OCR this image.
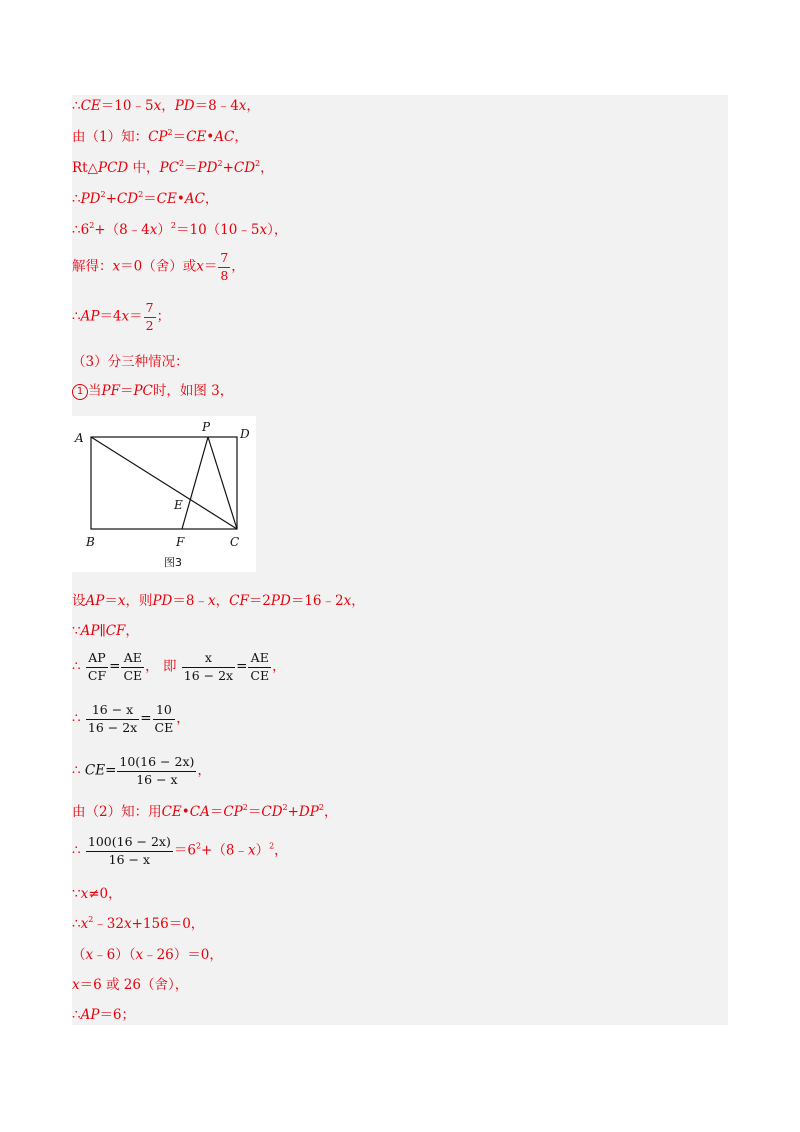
∴CE＝10﹣5x，PD＝8﹣4x，
由（1）知：$CP^2=CE•AC$，
Rt△PCD 中，$PC^2=PD^2+CD^2$，
$\therefore PD^2+CD^2=CE•AC$，
$\therefore 6^2+(8﹣4x)^2=10(10﹣5x)$，
解得：x＝0（舍）或$x= \frac{7}{8}$ ，
∴AP＝4x＝ $\frac{7}{2}$ ；
（3）分三种情况：
1 当PF＝PC时，如图 3，
A
P D
E
B	F	C
图3
设AP＝x，则PD＝8﹣x，CF＝2PD＝16﹣2x，
∵AP∥CF，
∴ $\frac{AP}{CF} = \frac{AE}{CE}$ ， 即 $\frac{x}{16 - 2x} = \frac{AE}{CE}$ ，
∴ $\frac{16 - x}{16 - 2x} = \frac{10}{CE}$ ，
∴ $CE= \frac{10(16 - 2x)}{16 - x}$ ，
由（2）知：用$CE•CA=CP^2=CD^2+DP^2$，
∴ $\frac{100(16 - 2x)}{16 - x}$ $=6^2+(8﹣x)^2$，
∵x≠0，
$\therefore x^2﹣32x+156=0$，
（x﹣6）（x﹣26）＝0，
x＝6 或 26（舍），
∴AP＝6；
